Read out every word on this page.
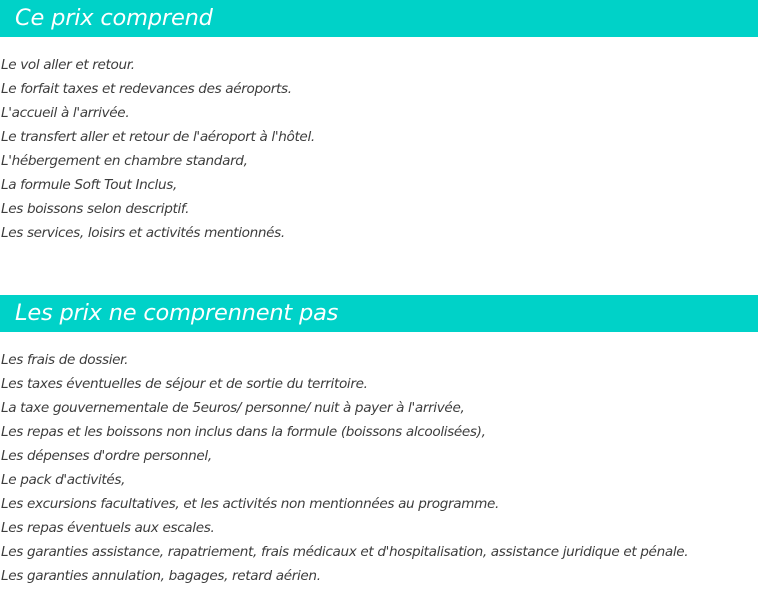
Ce prix comprend
Le vol aller et retour.
Le forfait taxes et redevances des aéroports.
L'accueil à l'arrivée.
Le transfert aller et retour de l'aéroport à l'hôtel.
L'hébergement en chambre standard,
La formule Soft Tout Inclus,
Les boissons selon descriptif.
Les services, loisirs et activités mentionnés.
Les prix ne comprennent pas
Les frais de dossier.
Les taxes éventuelles de séjour et de sortie du territoire.
La taxe gouvernementale de 5euros/ personne/ nuit à payer à l'arrivée,
Les repas et les boissons non inclus dans la formule (boissons alcoolisées),
Les dépenses d'ordre personnel,
Le pack d'activités,
Les excursions facultatives, et les activités non mentionnées au programme.
Les repas éventuels aux escales.
Les garanties assistance, rapatriement, frais médicaux et d'hospitalisation, assistance juridique et pénale.
Les garanties annulation, bagages, retard aérien.
